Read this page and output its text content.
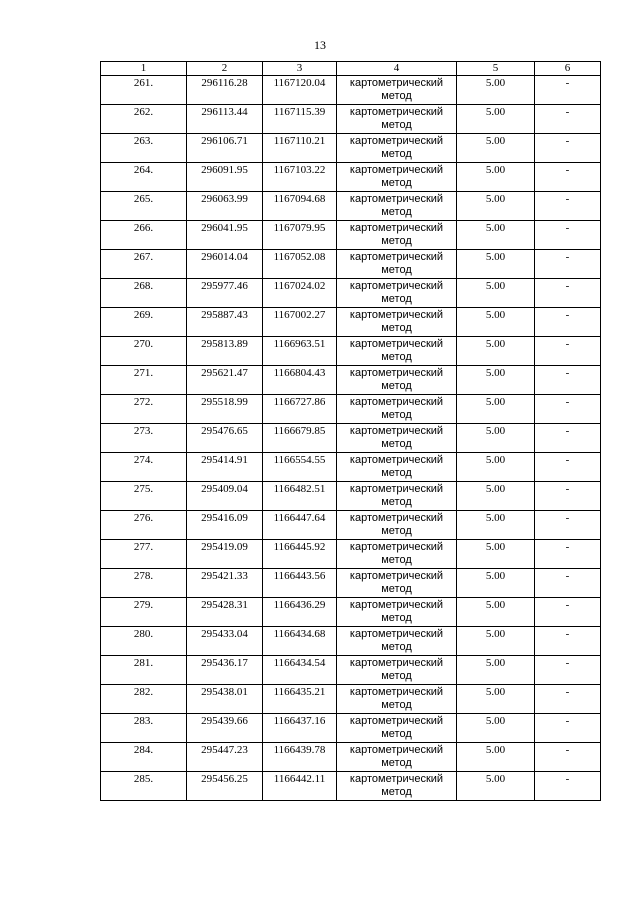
13
1	2	3	4	5	6
261.	296116.28	1167120.04	картометрический метод	5.00	-
262.	296113.44	1167115.39	картометрический метод	5.00	-
263.	296106.71	1167110.21	картометрический метод	5.00	-
264.	296091.95	1167103.22	картометрический метод	5.00	-
265.	296063.99	1167094.68	картометрический метод	5.00	-
266.	296041.95	1167079.95	картометрический метод	5.00	-
267.	296014.04	1167052.08	картометрический метод	5.00	-
268.	295977.46	1167024.02	картометрический метод	5.00	-
269.	295887.43	1167002.27	картометрический метод	5.00	-
270.	295813.89	1166963.51	картометрический метод	5.00	-
271.	295621.47	1166804.43	картометрический метод	5.00	-
272.	295518.99	1166727.86	картометрический метод	5.00	-
273.	295476.65	1166679.85	картометрический метод	5.00	-
274.	295414.91	1166554.55	картометрический метод	5.00	-
275.	295409.04	1166482.51	картометрический метод	5.00	-
276.	295416.09	1166447.64	картометрический метод	5.00	-
277.	295419.09	1166445.92	картометрический метод	5.00	-
278.	295421.33	1166443.56	картометрический метод	5.00	-
279.	295428.31	1166436.29	картометрический метод	5.00	-
280.	295433.04	1166434.68	картометрический метод	5.00	-
281.	295436.17	1166434.54	картометрический метод	5.00	-
282.	295438.01	1166435.21	картометрический метод	5.00	-
283.	295439.66	1166437.16	картометрический метод	5.00	-
284.	295447.23	1166439.78	картометрический метод	5.00	-
285.	295456.25	1166442.11	картометрический метод	5.00	-
